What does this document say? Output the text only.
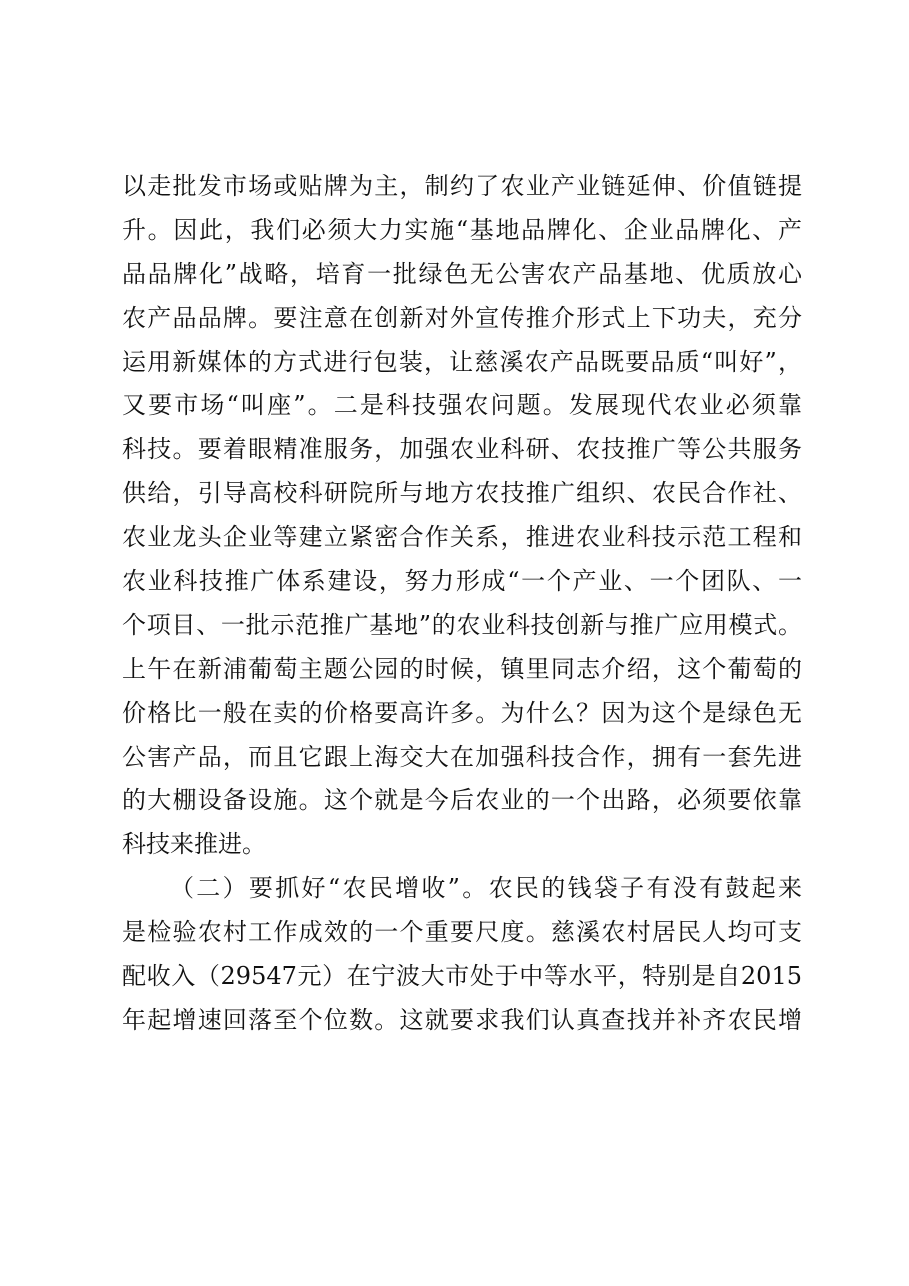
以走批发市场或贴牌为主，制约了农业产业链延伸、价值链提
升。因此，我们必须大力实施“基地品牌化、企业品牌化、产
品品牌化”战略，培育一批绿色无公害农产品基地、优质放心
农产品品牌。要注意在创新对外宣传推介形式上下功夫，充分
运用新媒体的方式进行包装，让慈溪农产品既要品质“叫好”，
又要市场“叫座”。二是科技强农问题。发展现代农业必须靠
科技。要着眼精准服务，加强农业科研、农技推广等公共服务
供给，引导高校科研院所与地方农技推广组织、农民合作社、
农业龙头企业等建立紧密合作关系，推进农业科技示范工程和
农业科技推广体系建设，努力形成“一个产业、一个团队、一
个项目、一批示范推广基地”的农业科技创新与推广应用模式。
上午在新浦葡萄主题公园的时候，镇里同志介绍，这个葡萄的
价格比一般在卖的价格要高许多。为什么？因为这个是绿色无
公害产品，而且它跟上海交大在加强科技合作，拥有一套先进
的大棚设备设施。这个就是今后农业的一个出路，必须要依靠
科技来推进。
（二）要抓好“农民增收”。农民的钱袋子有没有鼓起来
是检验农村工作成效的一个重要尺度。慈溪农村居民人均可支
配收入（29547元）在宁波大市处于中等水平，特别是自2015
年起增速回落至个位数。这就要求我们认真查找并补齐农民增
